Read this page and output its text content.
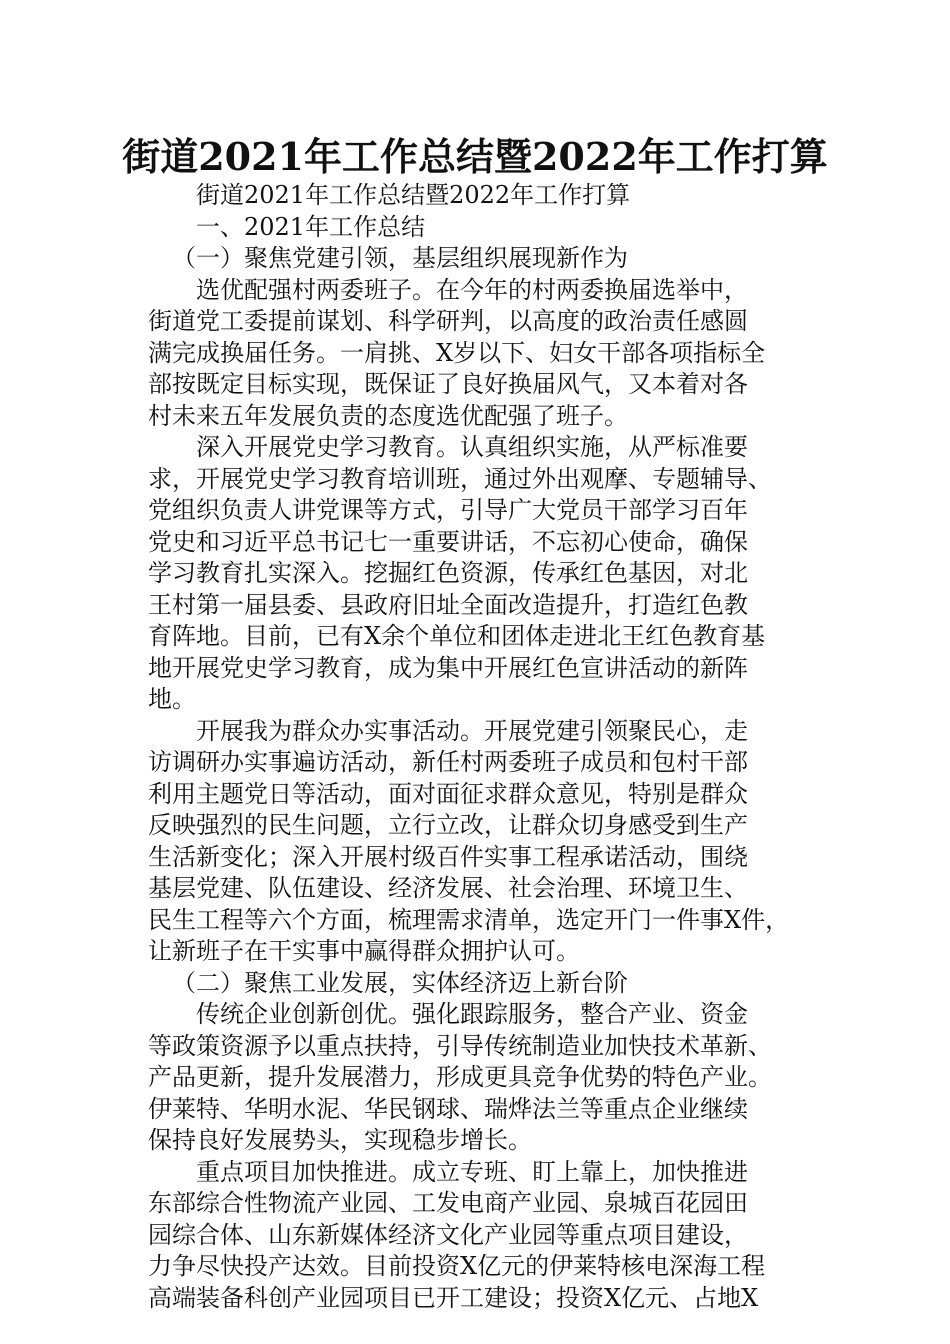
街道2021年工作总结暨2022年工作打算
街道2021年工作总结暨2022年工作打算
一、2021年工作总结
（一）聚焦党建引领，基层组织展现新作为
选优配强村两委班子。在今年的村两委换届选举中，
街道党工委提前谋划、科学研判，以高度的政治责任感圆
满完成换届任务。一肩挑、X岁以下、妇女干部各项指标全
部按既定目标实现，既保证了良好换届风气，又本着对各
村未来五年发展负责的态度选优配强了班子。
深入开展党史学习教育。认真组织实施，从严标准要
求，开展党史学习教育培训班，通过外出观摩、专题辅导、
党组织负责人讲党课等方式，引导广大党员干部学习百年
党史和习近平总书记七一重要讲话，不忘初心使命，确保
学习教育扎实深入。挖掘红色资源，传承红色基因，对北
王村第一届县委、县政府旧址全面改造提升，打造红色教
育阵地。目前，已有X余个单位和团体走进北王红色教育基
地开展党史学习教育，成为集中开展红色宣讲活动的新阵
地。
开展我为群众办实事活动。开展党建引领聚民心，走
访调研办实事遍访活动，新任村两委班子成员和包村干部
利用主题党日等活动，面对面征求群众意见，特别是群众
反映强烈的民生问题，立行立改，让群众切身感受到生产
生活新变化；深入开展村级百件实事工程承诺活动，围绕
基层党建、队伍建设、经济发展、社会治理、环境卫生、
民生工程等六个方面，梳理需求清单，选定开门一件事X件，
让新班子在干实事中赢得群众拥护认可。
（二）聚焦工业发展，实体经济迈上新台阶
传统企业创新创优。强化跟踪服务，整合产业、资金
等政策资源予以重点扶持，引导传统制造业加快技术革新、
产品更新，提升发展潜力，形成更具竞争优势的特色产业。
伊莱特、华明水泥、华民钢球、瑞烨法兰等重点企业继续
保持良好发展势头，实现稳步增长。
重点项目加快推进。成立专班、盯上靠上，加快推进
东部综合性物流产业园、工发电商产业园、泉城百花园田
园综合体、山东新媒体经济文化产业园等重点项目建设，
力争尽快投产达效。目前投资X亿元的伊莱特核电深海工程
高端装备科创产业园项目已开工建设；投资X亿元、占地X
